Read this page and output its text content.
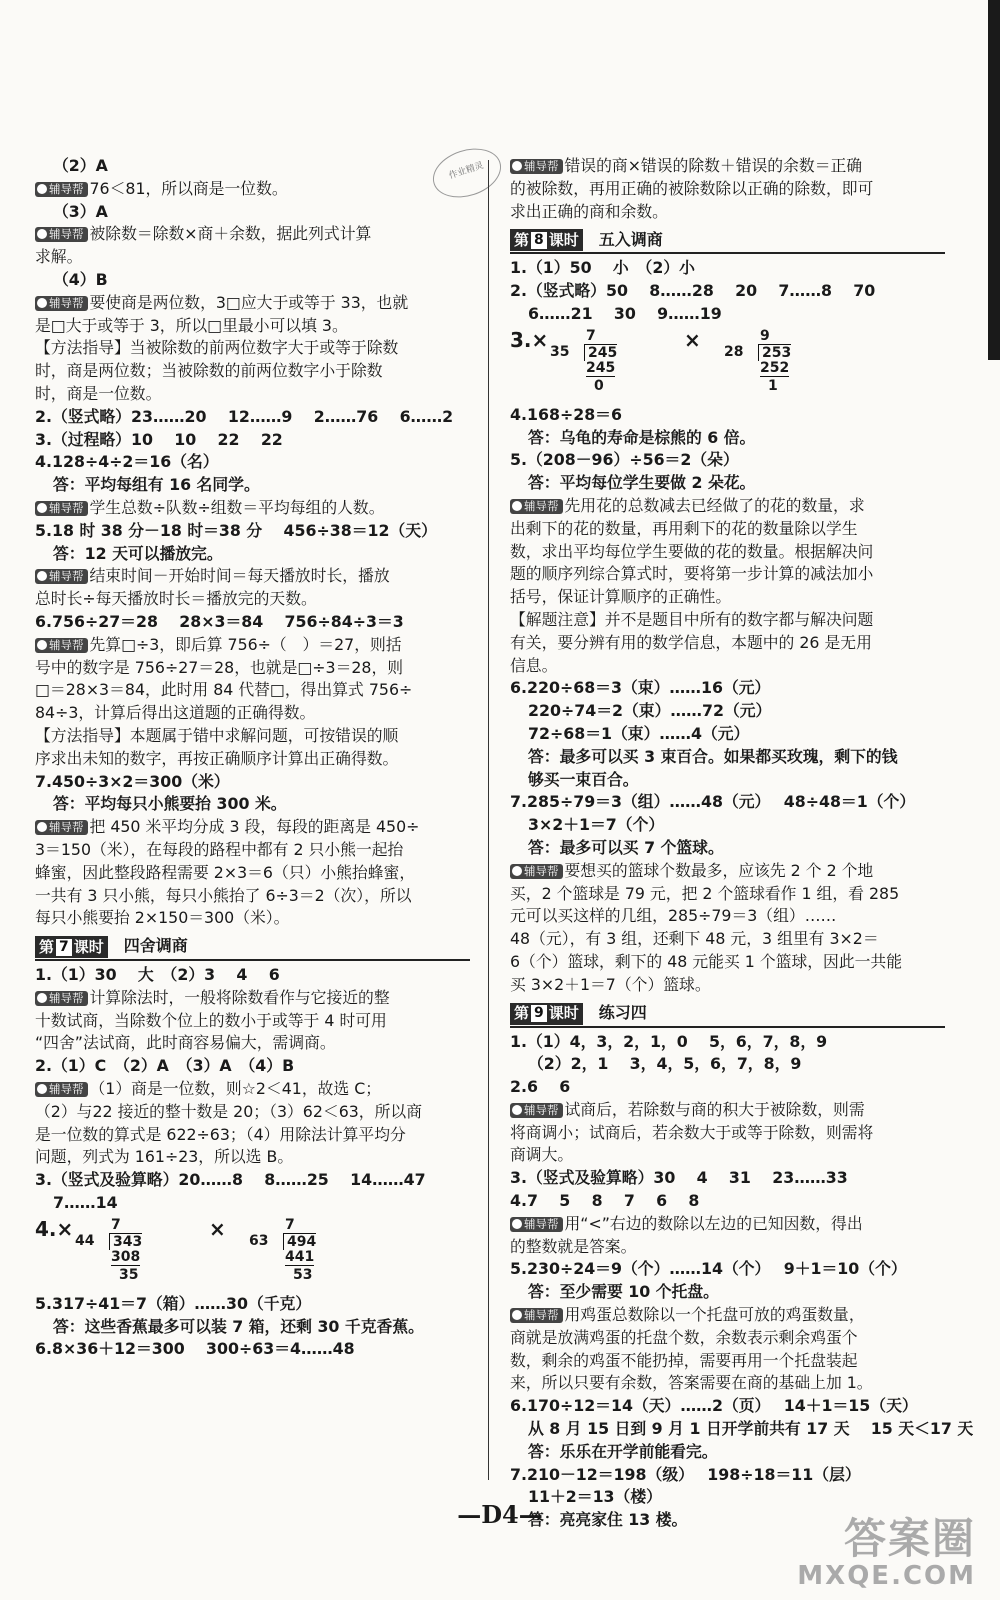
作业精灵
（2）A
辅导帮 76＜81，所以商是一位数。
（3）A
辅导帮 被除数＝除数×商＋余数，据此列式计算
求解。
（4）B
辅导帮 要使商是两位数，3□应大于或等于 33，也就
是□大于或等于 3，所以□里最小可以填 3。
【方法指导】当被除数的前两位数字大于或等于除数
时，商是两位数；当被除数的前两位数字小于除数
时，商是一位数。
2.（竖式略）23……20　 12……9　 2……76　 6……2
3.（过程略）10　 10　 22　 22
4.128÷4÷2＝16（名）
答：平均每组有 16 名同学。
辅导帮 学生总数÷队数÷组数＝平均每组的人数。
5.18 时 38 分－18 时＝38 分　 456÷38＝12（天）
答：12 天可以播放完。
辅导帮 结束时间－开始时间＝每天播放时长，播放
总时长÷每天播放时长＝播放完的天数。
6.756÷27＝28　 28×3＝84　 756÷84÷3＝3
辅导帮 先算□÷3，即后算 756÷（　）＝27，则括
号中的数字是 756÷27＝28，也就是□÷3＝28，则
□＝28×3＝84，此时用 84 代替□，得出算式 756÷
84÷3，计算后得出这道题的正确得数。
【方法指导】本题属于错中求解问题，可按错误的顺
序求出未知的数字，再按正确顺序计算出正确得数。
7.450÷3×2＝300（米）
答：平均每只小熊要抬 300 米。
辅导帮 把 450 米平均分成 3 段，每段的距离是 450÷
3＝150（米），在每段的路程中都有 2 只小熊一起抬
蜂蜜，因此整段路程需要 2×3＝6（只）小熊抬蜂蜜，
一共有 3 只小熊，每只小熊抬了 6÷3＝2（次），所以
每只小熊要抬 2×150＝300（米）。
第 7 课时 四舍调商
1.（1）30　 大　（2）3　 4　 6
辅导帮 计算除法时，一般将除数看作与它接近的整
十数试商，当除数个位上的数小于或等于 4 时可用
“四舍”法试商，此时商容易偏大，需调商。
2.（1）C　（2）A　（3）A　（4）B
辅导帮 （1）商是一位数，则☆2＜41，故选 C；
（2）与22 接近的整十数是 20；（3）62＜63，所以商
是一位数的算式是 622÷63；（4）用除法计算平均分
问题，列式为 161÷23，所以选 B。
3.（竖式及验算略）20……8　 8……25　 14……47
7……14
4.×	7
44 343
308
35
×	7
63 494
441
53
5.317÷41＝7（箱）……30（千克）
答：这些香蕉最多可以装 7 箱，还剩 30 千克香蕉。
6.8×36＋12＝300　 300÷63＝4……48
辅导帮 错误的商×错误的除数＋错误的余数＝正确
的被除数，再用正确的被除数除以正确的除数，即可
求出正确的商和余数。
第 8 课时 五入调商
1.（1）50　 小　（2）小
2.（竖式略）50　 8……28　 20　 7……8　 70
6……21　 30　 9……19
3.×	7
35 245
245
0
×	9
28 253
252
1
4.168÷28＝6
答：乌龟的寿命是棕熊的 6 倍。
5.（208－96）÷56＝2（朵）
答：平均每位学生要做 2 朵花。
辅导帮 先用花的总数减去已经做了的花的数量，求
出剩下的花的数量，再用剩下的花的数量除以学生
数，求出平均每位学生要做的花的数量。根据解决问
题的顺序列综合算式时，要将第一步计算的减法加小
括号，保证计算顺序的正确性。
【解题注意】并不是题目中所有的数字都与解决问题
有关，要分辨有用的数学信息，本题中的 26 是无用
信息。
6.220÷68＝3（束）……16（元）
220÷74＝2（束）……72（元）
72÷68＝1（束）……4（元）
答：最多可以买 3 束百合。如果都买玫瑰，剩下的钱
够买一束百合。
7.285÷79＝3（组）……48（元）　 48÷48＝1（个）
3×2＋1＝7（个）
答：最多可以买 7 个篮球。
辅导帮 要想买的篮球个数最多，应该先 2 个 2 个地
买，2 个篮球是 79 元，把 2 个篮球看作 1 组，看 285
元可以买这样的几组，285÷79＝3（组）……
48（元），有 3 组，还剩下 48 元，3 组里有 3×2＝
6（个）篮球，剩下的 48 元能买 1 个篮球，因此一共能
买 3×2＋1＝7（个）篮球。
第 9 课时 练习四
1.（1）4，3，2，1，0　 5，6，7，8，9
（2）2，1　 3，4，5，6，7，8，9
2.6　 6
辅导帮 试商后，若除数与商的积大于被除数，则需
将商调小；试商后，若余数大于或等于除数，则需将
商调大。
3.（竖式及验算略）30　 4　 31　 23……33
4.7　 5　 8　 7　 6　 8
辅导帮 用“<”右边的数除以左边的已知因数，得出
的整数就是答案。
5.230÷24＝9（个）……14（个）　 9＋1＝10（个）
答：至少需要 10 个托盘。
辅导帮 用鸡蛋总数除以一个托盘可放的鸡蛋数量，
商就是放满鸡蛋的托盘个数，余数表示剩余鸡蛋个
数，剩余的鸡蛋不能扔掉，需要再用一个托盘装起
来，所以只要有余数，答案需要在商的基础上加 1。
6.170÷12＝14（天）……2（页）　 14＋1＝15（天）
从 8 月 15 日到 9 月 1 日开学前共有 17 天　 15 天＜17 天
答：乐乐在开学前能看完。
7.210－12＝198（级）　 198÷18＝11（层）
11＋2＝13（楼）
答：亮亮家住 13 楼。
—D4—	答案圈
MXQE.COM
